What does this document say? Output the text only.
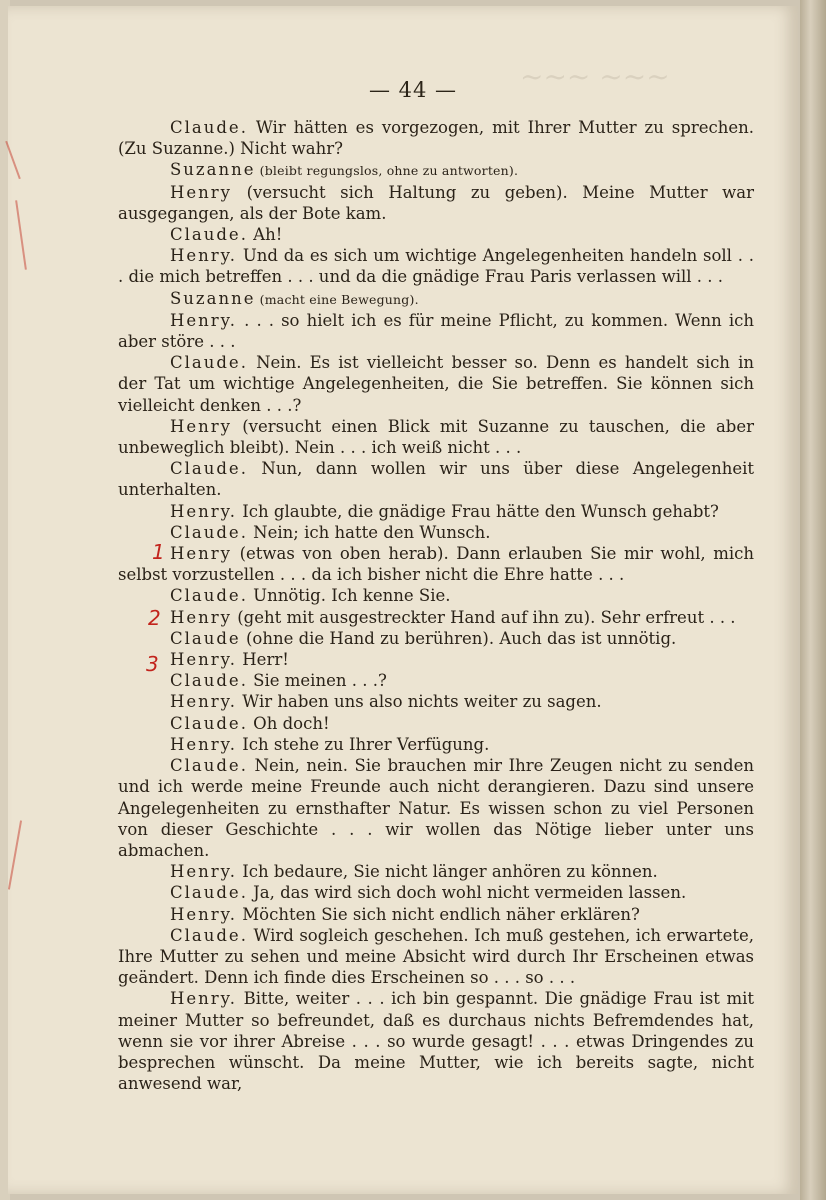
~~~ ~~~
— 44 —
1
2
3

Claude. Wir hätten es vorgezogen, mit Ihrer Mutter zu sprechen. (Zu Suzanne.) Nicht wahr?

Suzanne (bleibt regungslos, ohne zu antworten).

Henry (versucht sich Haltung zu geben). Meine Mutter war ausgegangen, als der Bote kam.

Claude. Ah!

Henry. Und da es sich um wichtige Angelegenheiten handeln soll . . . die mich betreffen . . . und da die gnädige Frau Paris verlassen will . . .

Suzanne (macht eine Bewegung).

Henry. . . . so hielt ich es für meine Pflicht, zu kommen. Wenn ich aber störe . . .

Claude. Nein. Es ist vielleicht besser so. Denn es handelt sich in der Tat um wichtige Angelegenheiten, die Sie betreffen. Sie können sich vielleicht denken . . .?

Henry (versucht einen Blick mit Suzanne zu tauschen, die aber unbeweglich bleibt). Nein . . . ich weiß nicht . . .

Claude. Nun, dann wollen wir uns über diese Angelegenheit unterhalten.

Henry. Ich glaubte, die gnädige Frau hätte den Wunsch gehabt?

Claude. Nein; ich hatte den Wunsch.

Henry (etwas von oben herab). Dann erlauben Sie mir wohl, mich selbst vorzustellen . . . da ich bisher nicht die Ehre hatte . . .

Claude. Unnötig. Ich kenne Sie.

Henry (geht mit ausgestreckter Hand auf ihn zu). Sehr erfreut . . .

Claude (ohne die Hand zu berühren). Auch das ist unnötig.

Henry. Herr!

Claude. Sie meinen . . .?

Henry. Wir haben uns also nichts weiter zu sagen.

Claude. Oh doch!

Henry. Ich stehe zu Ihrer Verfügung.

Claude. Nein, nein. Sie brauchen mir Ihre Zeugen nicht zu senden und ich werde meine Freunde auch nicht derangieren. Dazu sind unsere Angelegenheiten zu ernsthafter Natur. Es wissen schon zu viel Personen von dieser Geschichte . . . wir wollen das Nötige lieber unter uns abmachen.

Henry. Ich bedaure, Sie nicht länger anhören zu können.

Claude. Ja, das wird sich doch wohl nicht vermeiden lassen.

Henry. Möchten Sie sich nicht endlich näher erklären?

Claude. Wird sogleich geschehen. Ich muß gestehen, ich erwartete, Ihre Mutter zu sehen und meine Absicht wird durch Ihr Erscheinen etwas geändert. Denn ich finde dies Erscheinen so . . . so . . .

Henry. Bitte, weiter . . . ich bin gespannt. Die gnädige Frau ist mit meiner Mutter so befreundet, daß es durchaus nichts Befremdendes hat, wenn sie vor ihrer Abreise . . . so wurde gesagt! . . . etwas Dringendes zu besprechen wünscht. Da meine Mutter, wie ich bereits sagte, nicht anwesend war,
